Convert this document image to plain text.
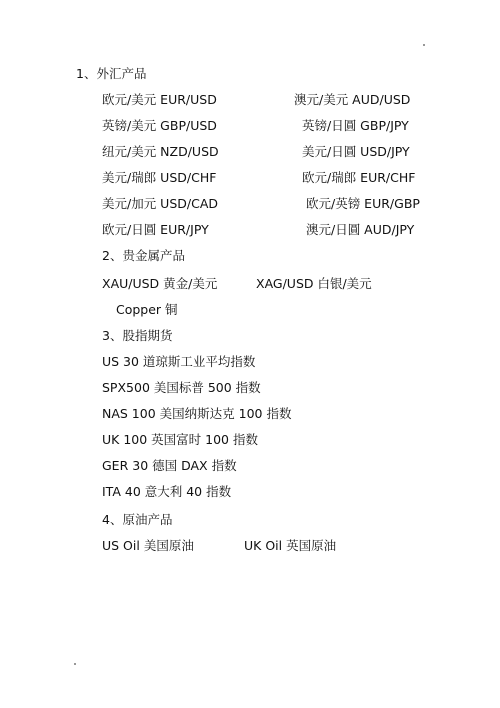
1、外汇产品
欧元/美元 EUR/USD	澳元/美元 AUD/USD
英镑/美元 GBP/USD	英镑/日圓 GBP/JPY
纽元/美元 NZD/USD	美元/日圓 USD/JPY
美元/瑞郎 USD/CHF	欧元/瑞郎 EUR/CHF
美元/加元 USD/CAD	欧元/英镑 EUR/GBP
欧元/日圓 EUR/JPY	澳元/日圓 AUD/JPY
2、贵金属产品
XAU/USD 黄金/美元	XAG/USD 白银/美元
Copper 铜
3、股指期货
US 30 道琼斯工业平均指数
SPX500 美国标普 500 指数
NAS 100 美国纳斯达克 100 指数
UK 100 英国富时 100 指数
GER 30 德国 DAX 指数
ITA 40 意大利 40 指数
4、原油产品
US Oil 美国原油	UK Oil 英国原油
